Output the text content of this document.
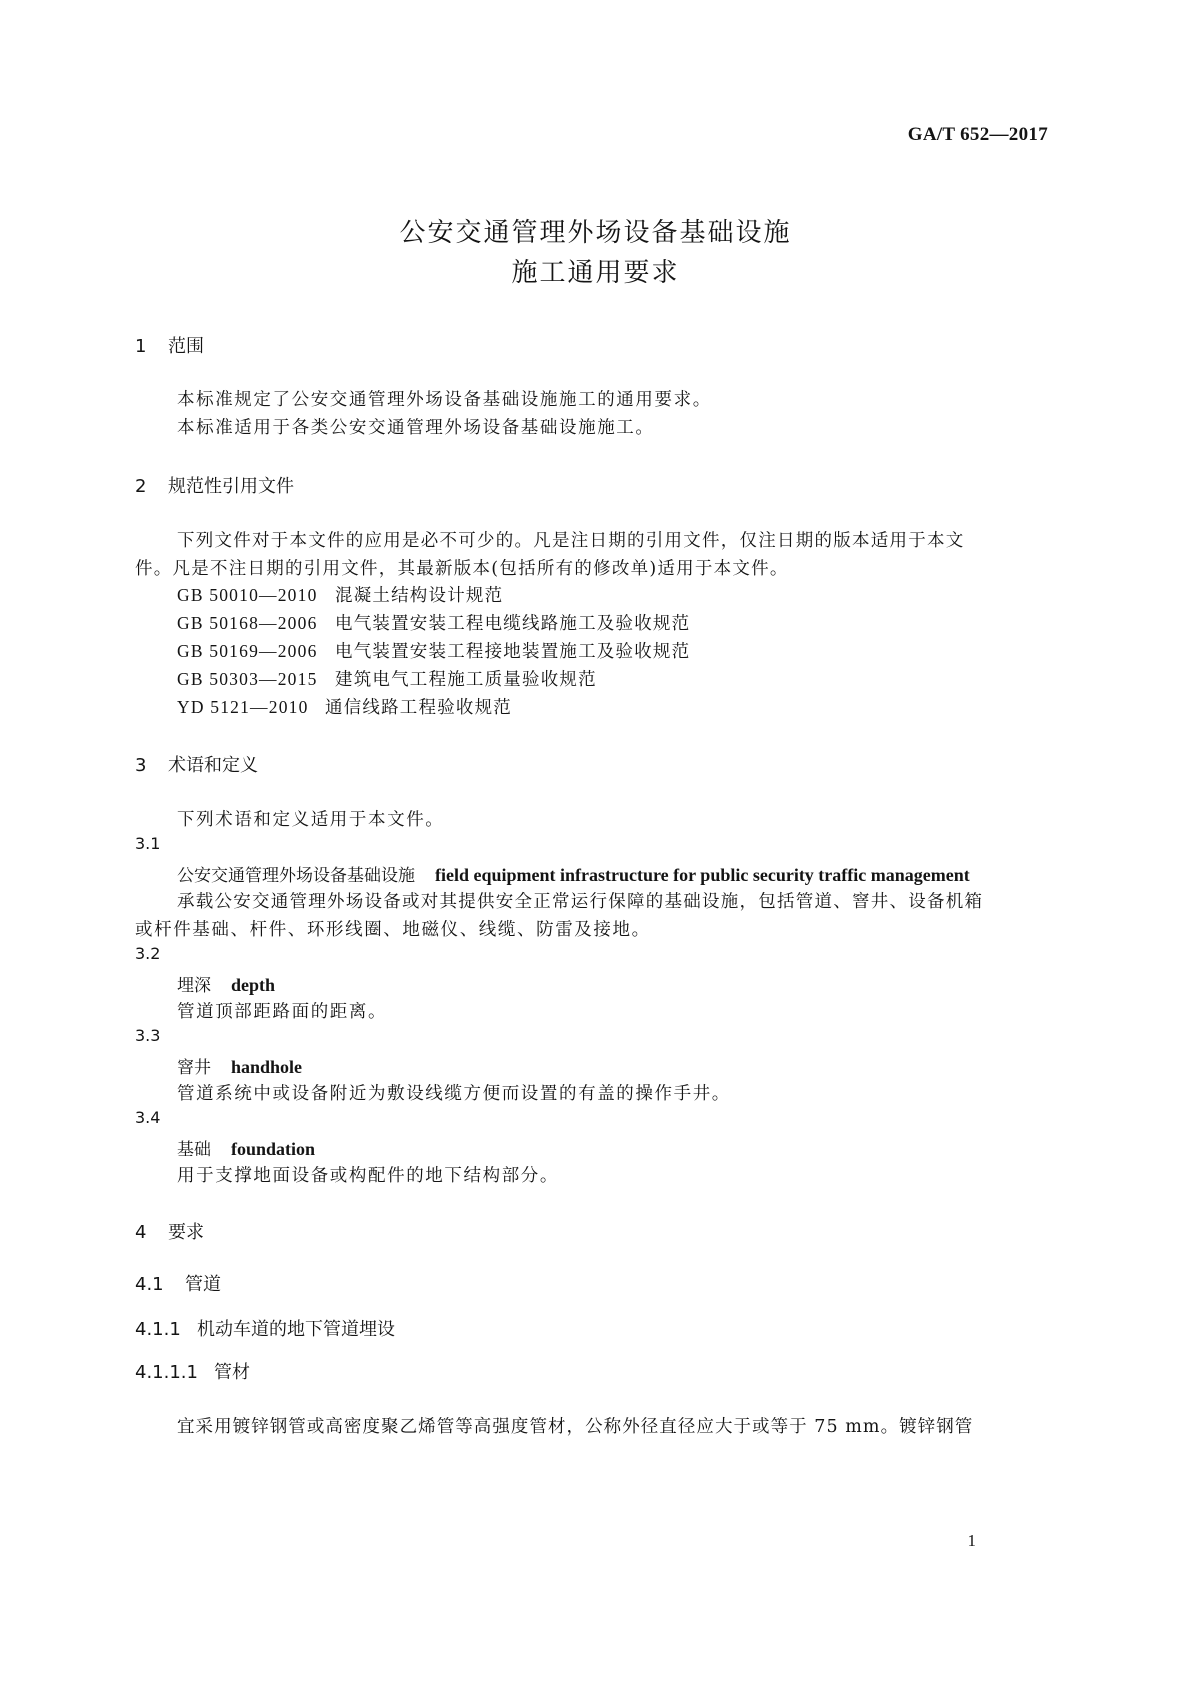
GA/T 652—2017
公安交通管理外场设备基础设施
施工通用要求
1 范围
本标准规定了公安交通管理外场设备基础设施施工的通用要求。
本标准适用于各类公安交通管理外场设备基础设施施工。
2 规范性引用文件
下列文件对于本文件的应用是必不可少的。凡是注日期的引用文件，仅注日期的版本适用于本文
件。凡是不注日期的引用文件，其最新版本(包括所有的修改单)适用于本文件。
GB 50010—2010 混凝土结构设计规范
GB 50168—2006 电气装置安装工程电缆线路施工及验收规范
GB 50169—2006 电气装置安装工程接地装置施工及验收规范
GB 50303—2015 建筑电气工程施工质量验收规范
YD 5121—2010 通信线路工程验收规范
3 术语和定义
下列术语和定义适用于本文件。
3.1
公安交通管理外场设备基础设施 field equipment infrastructure for public security traffic management
承载公安交通管理外场设备或对其提供安全正常运行保障的基础设施，包括管道、窨井、设备机箱
或杆件基础、杆件、环形线圈、地磁仪、线缆、防雷及接地。
3.2
埋深 depth
管道顶部距路面的距离。
3.3
窨井 handhole
管道系统中或设备附近为敷设线缆方便而设置的有盖的操作手井。
3.4
基础 foundation
用于支撑地面设备或构配件的地下结构部分。
4 要求
4.1 管道
4.1.1 机动车道的地下管道埋设
4.1.1.1 管材
宜采用镀锌钢管或高密度聚乙烯管等高强度管材，公称外径直径应大于或等于 75 mm。镀锌钢管
1
